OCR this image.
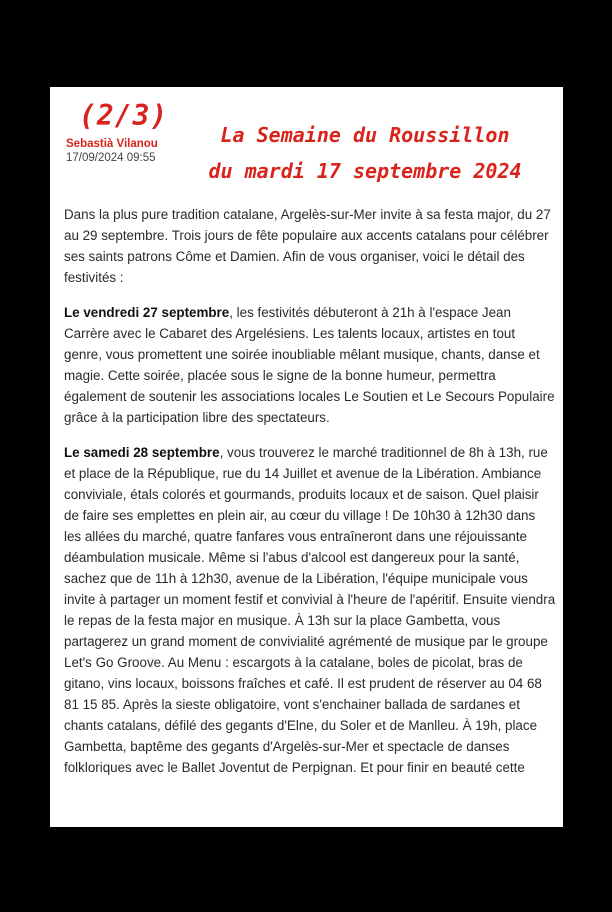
(2/3)
Sebastià Vilanou
17/09/2024 09:55
La Semaine du Roussillon
du mardi 17 septembre 2024

Dans la plus pure tradition catalane, Argelès-sur-Mer invite à sa festa major, du 27 au 29 septembre. Trois jours de fête populaire aux accents catalans pour célébrer ses saints patrons Côme et Damien. Afin de vous organiser, voici le détail des festivités :

Le vendredi 27 septembre, les festivités débuteront à 21h à l'espace Jean Carrère avec le Cabaret des Argelésiens. Les talents locaux, artistes en tout genre, vous promettent une soirée inoubliable mêlant musique, chants, danse et magie. Cette soirée, placée sous le signe de la bonne humeur, permettra également de soutenir les associations locales Le Soutien et Le Secours Populaire grâce à la participation libre des spectateurs.

Le samedi 28 septembre, vous trouverez le marché traditionnel de 8h à 13h, rue et place de la République, rue du 14 Juillet et avenue de la Libération. Ambiance conviviale, étals colorés et gourmands, produits locaux et de saison. Quel plaisir de faire ses emplettes en plein air, au cœur du village ! De 10h30 à 12h30 dans les allées du marché, quatre fanfares vous entraîneront dans une réjouissante déambulation musicale. Même si l'abus d'alcool est dangereux pour la santé, sachez que de 11h à 12h30, avenue de la Libération, l'équipe municipale vous invite à partager un moment festif et convivial à l'heure de l'apéritif. Ensuite viendra le repas de la festa major en musique. À 13h sur la place Gambetta, vous partagerez un grand moment de convivialité agrémenté de musique par le groupe Let's Go Groove. Au Menu : escargots à la catalane, boles de picolat, bras de gitano, vins locaux, boissons fraîches et café. Il est prudent de réserver au 04 68 81 15 85. Après la sieste obligatoire, vont s'enchainer ballada de sardanes et chants catalans, défilé des gegants d'Elne, du Soler et de Manlleu. À 19h, place Gambetta, baptême des gegants d'Argelès-sur-Mer et spectacle de danses folkloriques avec le Ballet Joventut de Perpignan. Et pour finir en beauté cette
